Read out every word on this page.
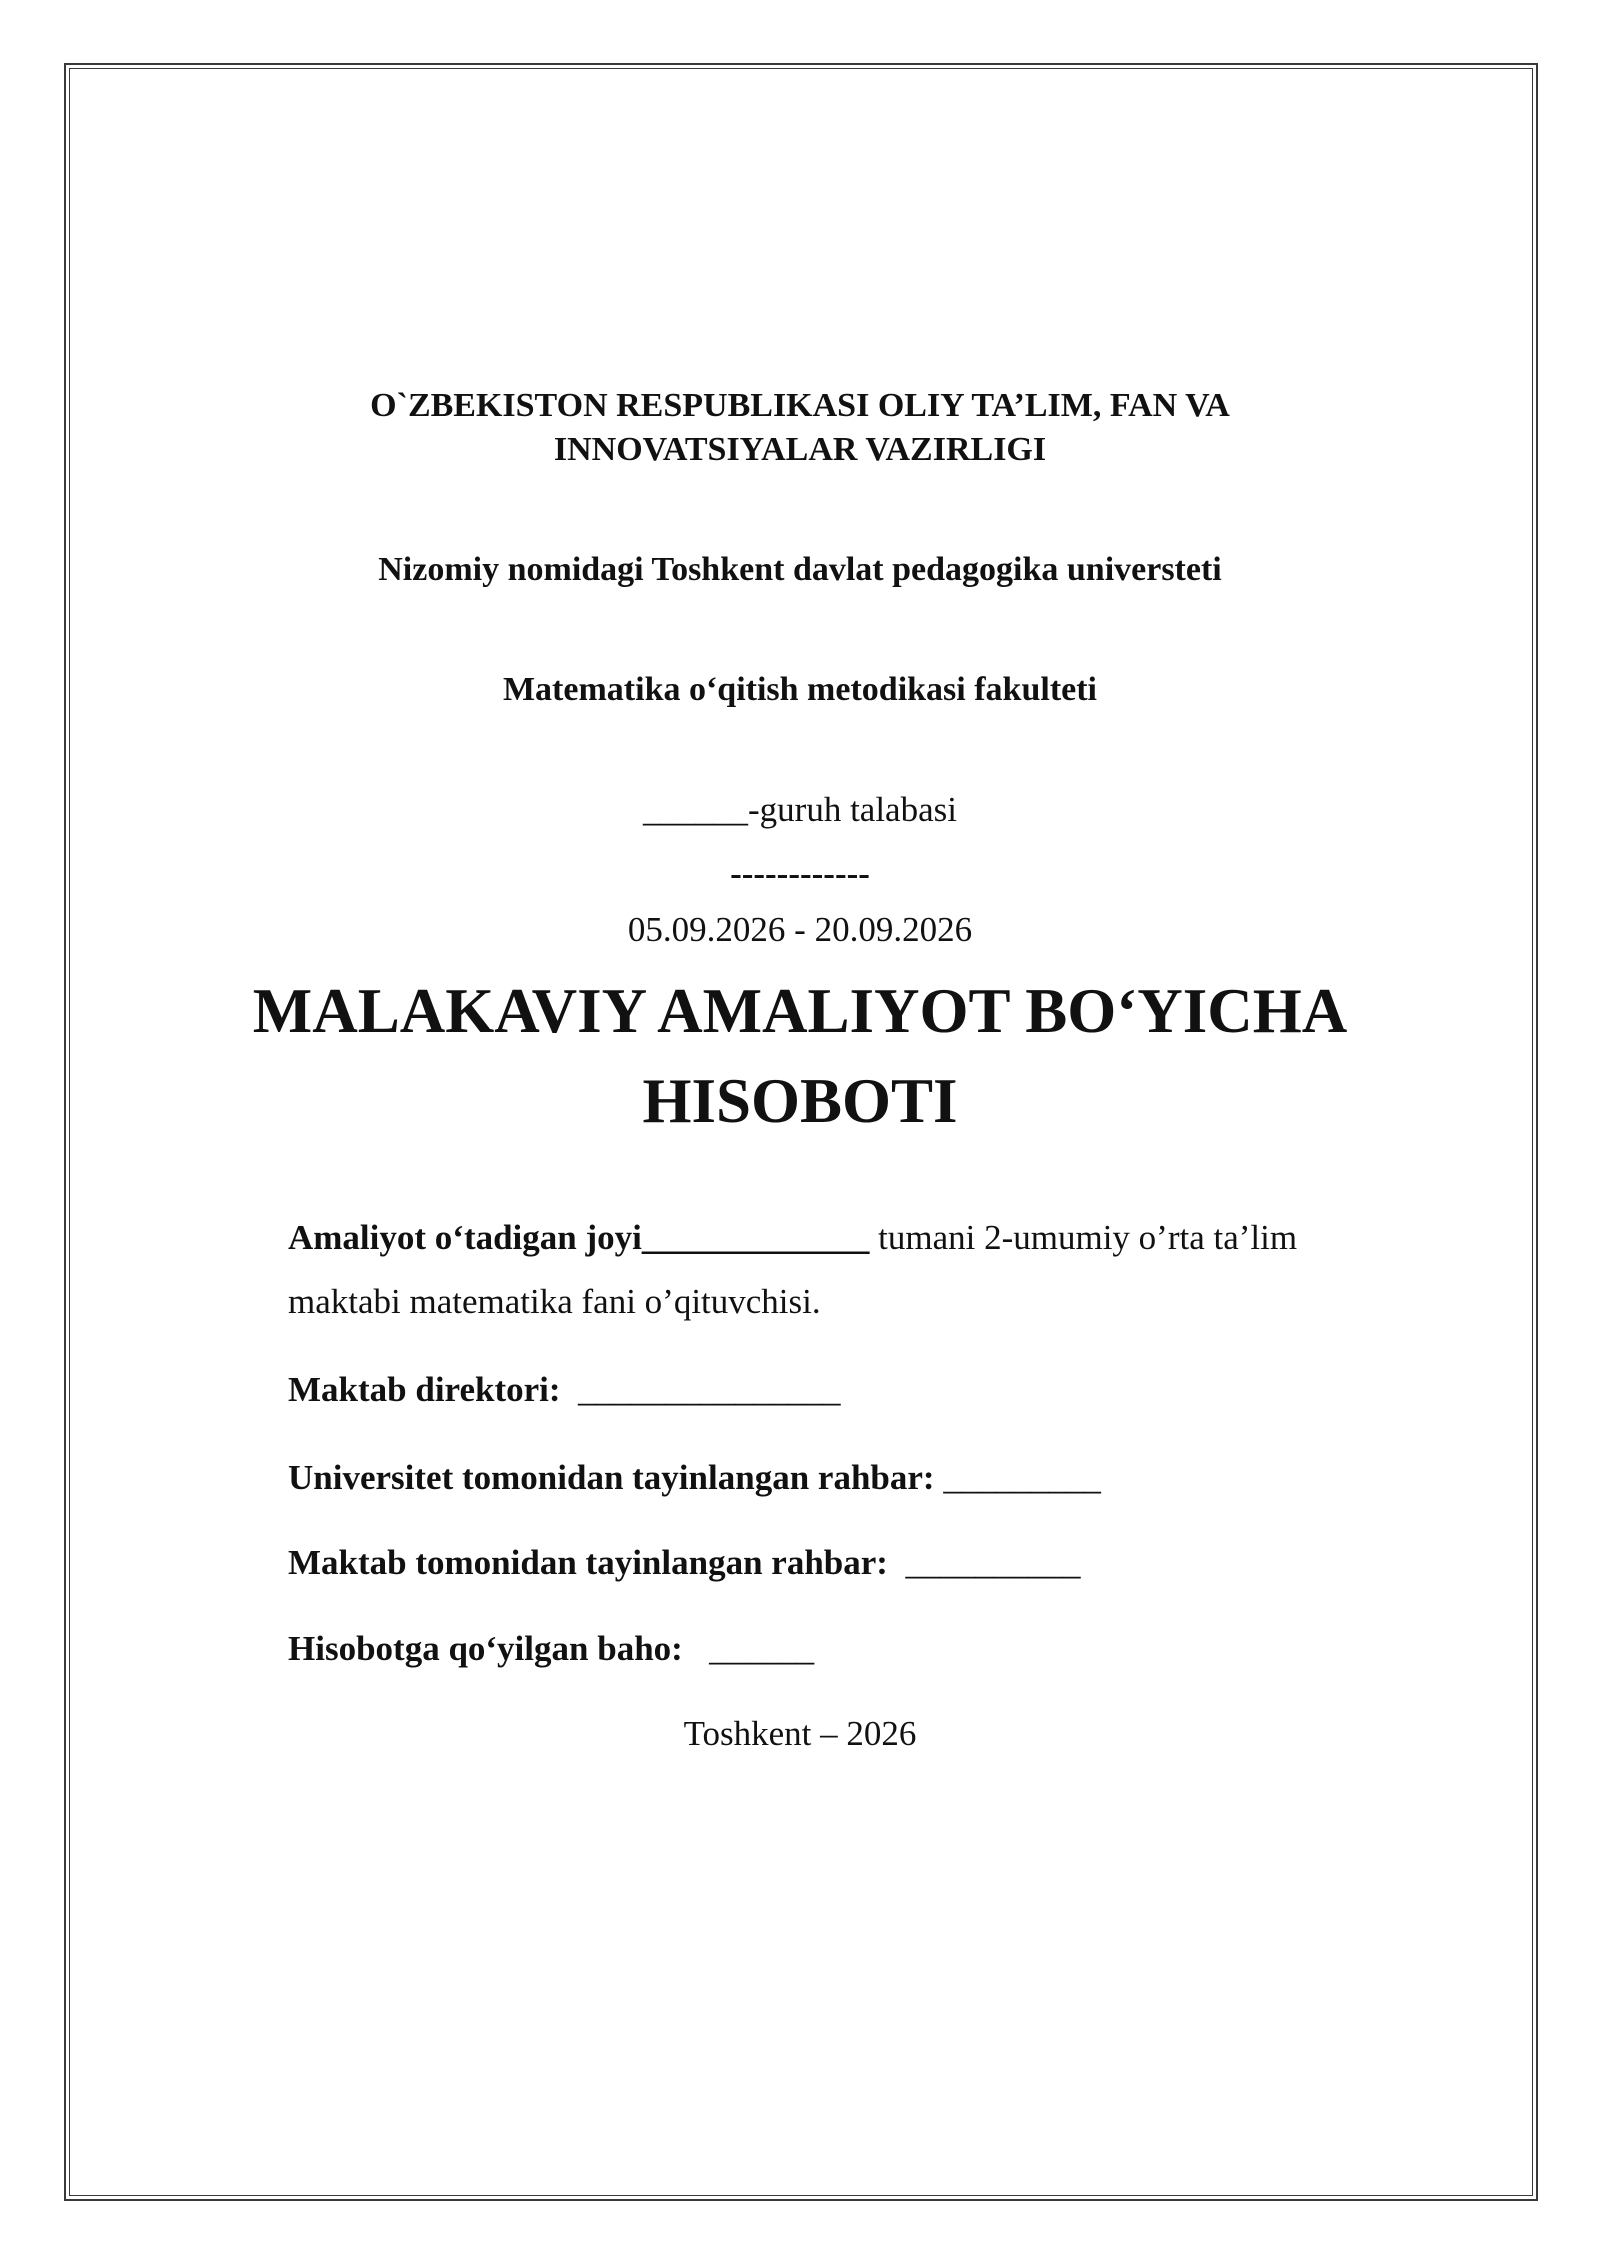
O`ZBEKISTON RESPUBLIKASI OLIY TA’LIM, FAN VA
INNOVATSIYALAR VAZIRLIGI
Nizomiy nomidagi Toshkent davlat pedagogika universteti
Matematika o‘qitish metodikasi fakulteti
______-guruh talabasi
------------
05.09.2026 - 20.09.2026
MALAKAVIY AMALIYOT BO‘YICHA
HISOBOTI
Amaliyot o‘tadigan joyi_____________ tumani 2-umumiy o’rta ta’lim
maktabi matematika fani o’qituvchisi.
Maktab direktori:  _______________
Universitet tomonidan tayinlangan rahbar: _________
Maktab tomonidan tayinlangan rahbar:  __________
Hisobotga qo‘yilgan baho:   ______
Toshkent – 2026
